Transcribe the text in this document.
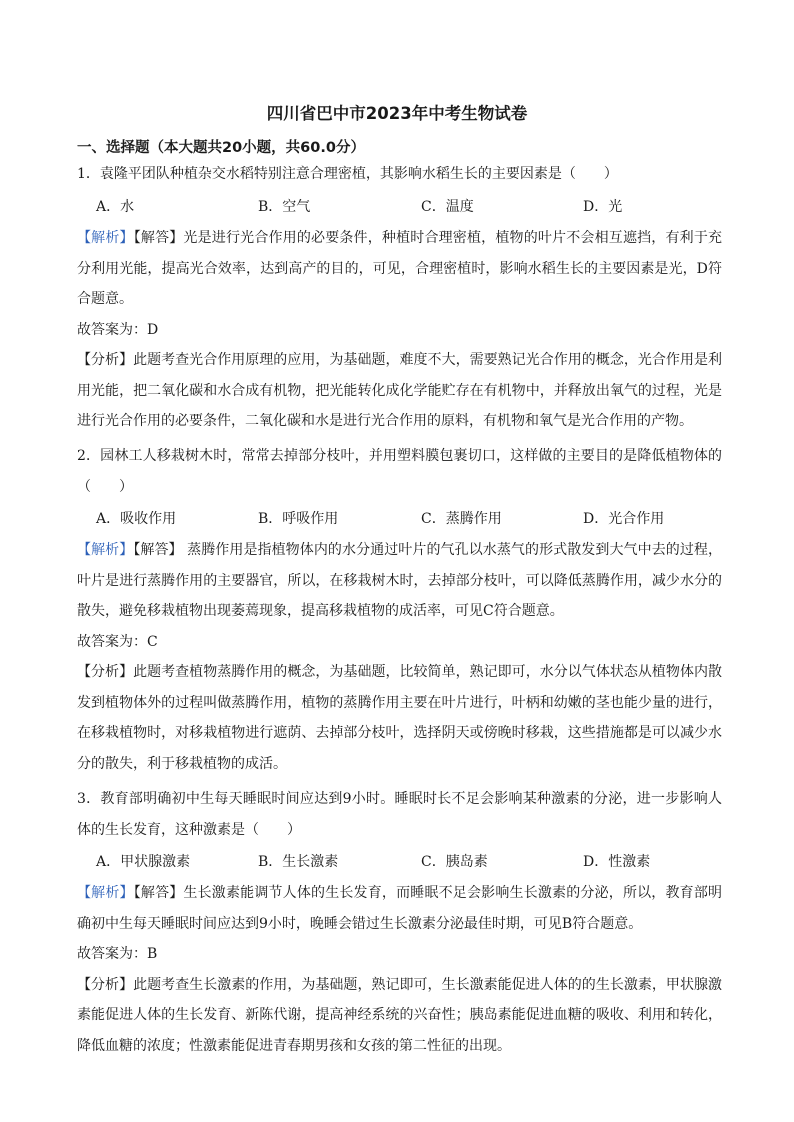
四川省巴中市2023年中考生物试卷
一、选择题（本大题共20小题，共60.0分）
1．袁隆平团队种植杂交水稻特别注意合理密植，其影响水稻生长的主要因素是（　　）
A．水	B．空气	C．温度	D．光
【解析】【解答】光是进行光合作用的必要条件，种植时合理密植，植物的叶片不会相互遮挡，有利于充
分利用光能，提高光合效率，达到高产的目的，可见，合理密植时，影响水稻生长的主要因素是光，D符
合题意。
故答案为：D
【分析】此题考查光合作用原理的应用，为基础题，难度不大，需要熟记光合作用的概念，光合作用是利
用光能，把二氧化碳和水合成有机物，把光能转化成化学能贮存在有机物中，并释放出氧气的过程，光是
进行光合作用的必要条件，二氧化碳和水是进行光合作用的原料，有机物和氧气是光合作用的产物。
2．园林工人移栽树木时，常常去掉部分枝叶，并用塑料膜包裹切口，这样做的主要目的是降低植物体的
（　　）
A．吸收作用	B．呼吸作用	C．蒸腾作用	D．光合作用
【解析】【解答】 蒸腾作用是指植物体内的水分通过叶片的气孔以水蒸气的形式散发到大气中去的过程，
叶片是进行蒸腾作用的主要器官，所以，在移栽树木时，去掉部分枝叶，可以降低蒸腾作用，减少水分的
散失，避免移栽植物出现萎蔫现象，提高移栽植物的成活率，可见C符合题意。
故答案为：C
【分析】此题考查植物蒸腾作用的概念，为基础题，比较简单，熟记即可，水分以气体状态从植物体内散
发到植物体外的过程叫做蒸腾作用，植物的蒸腾作用主要在叶片进行，叶柄和幼嫩的茎也能少量的进行，
在移栽植物时，对移栽植物进行遮荫、去掉部分枝叶，选择阴天或傍晚时移栽，这些措施都是可以减少水
分的散失，利于移栽植物的成活。
3．教育部明确初中生每天睡眠时间应达到9小时。睡眠时长不足会影响某种激素的分泌，进一步影响人
体的生长发育，这种激素是（　　）
A．甲状腺激素	B．生长激素	C．胰岛素	D．性激素
【解析】【解答】生长激素能调节人体的生长发育，而睡眠不足会影响生长激素的分泌，所以，教育部明
确初中生每天睡眠时间应达到9小时，晚睡会错过生长激素分泌最佳时期，可见B符合题意。
故答案为：B
【分析】此题考查生长激素的作用，为基础题，熟记即可，生长激素能促进人体的的生长激素，甲状腺激
素能促进人体的生长发育、新陈代谢，提高神经系统的兴奋性；胰岛素能促进血糖的吸收、利用和转化，
降低血糖的浓度；性激素能促进青春期男孩和女孩的第二性征的出现。
